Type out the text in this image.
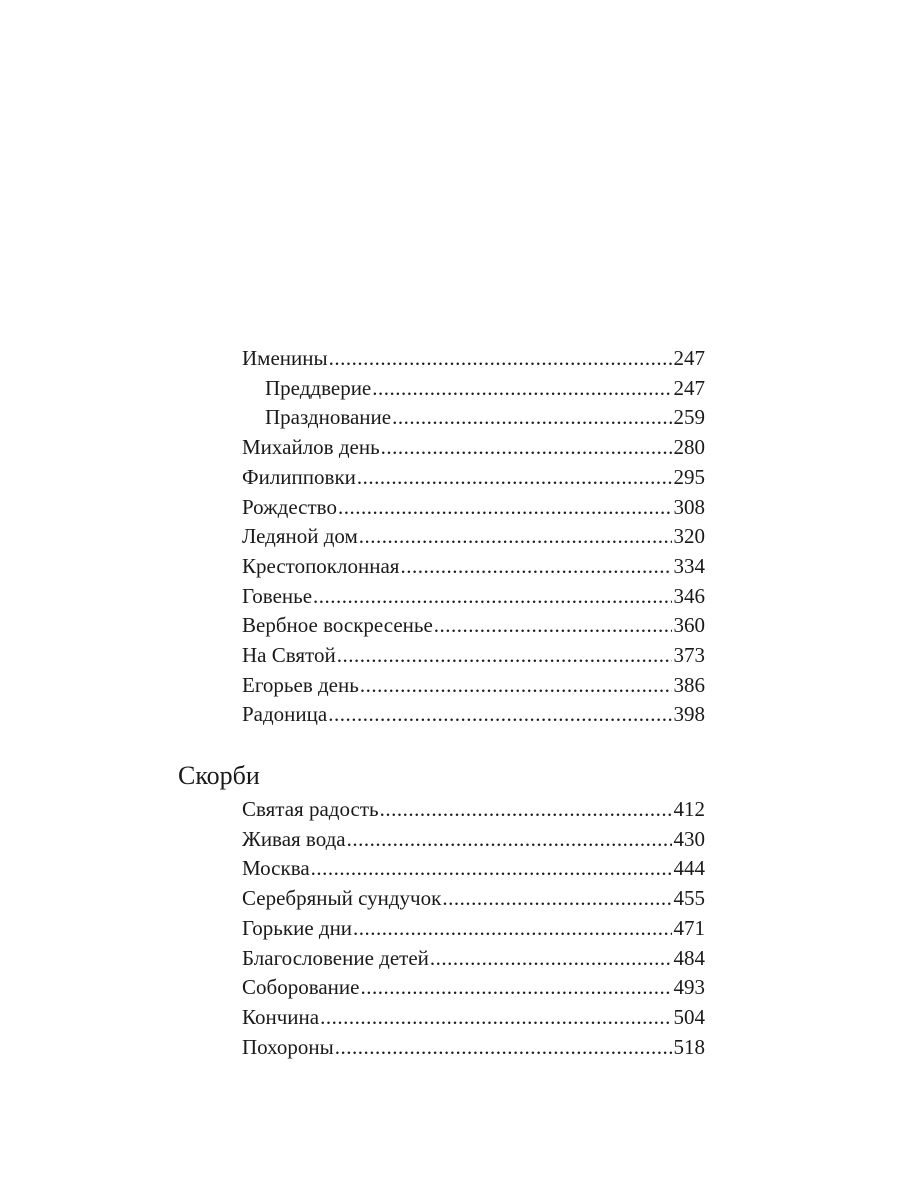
Именины .....	247
Преддверие .....	247
Празднование .....	259
Михайлов день .....	280
Филипповки .....	295
Рождество .....	308
Ледяной дом .....	320
Крестопоклонная .....	334
Говенье .....	346
Вербное воскресенье .....	360
На Святой .....	373
Егорьев день .....	386
Радоница .....	398
Скорби
Святая радость .....	412
Живая вода .....	430
Москва .....	444
Серебряный сундучок .....	455
Горькие дни .....	471
Благословение детей .....	484
Соборование .....	493
Кончина .....	504
Похороны .....	518
